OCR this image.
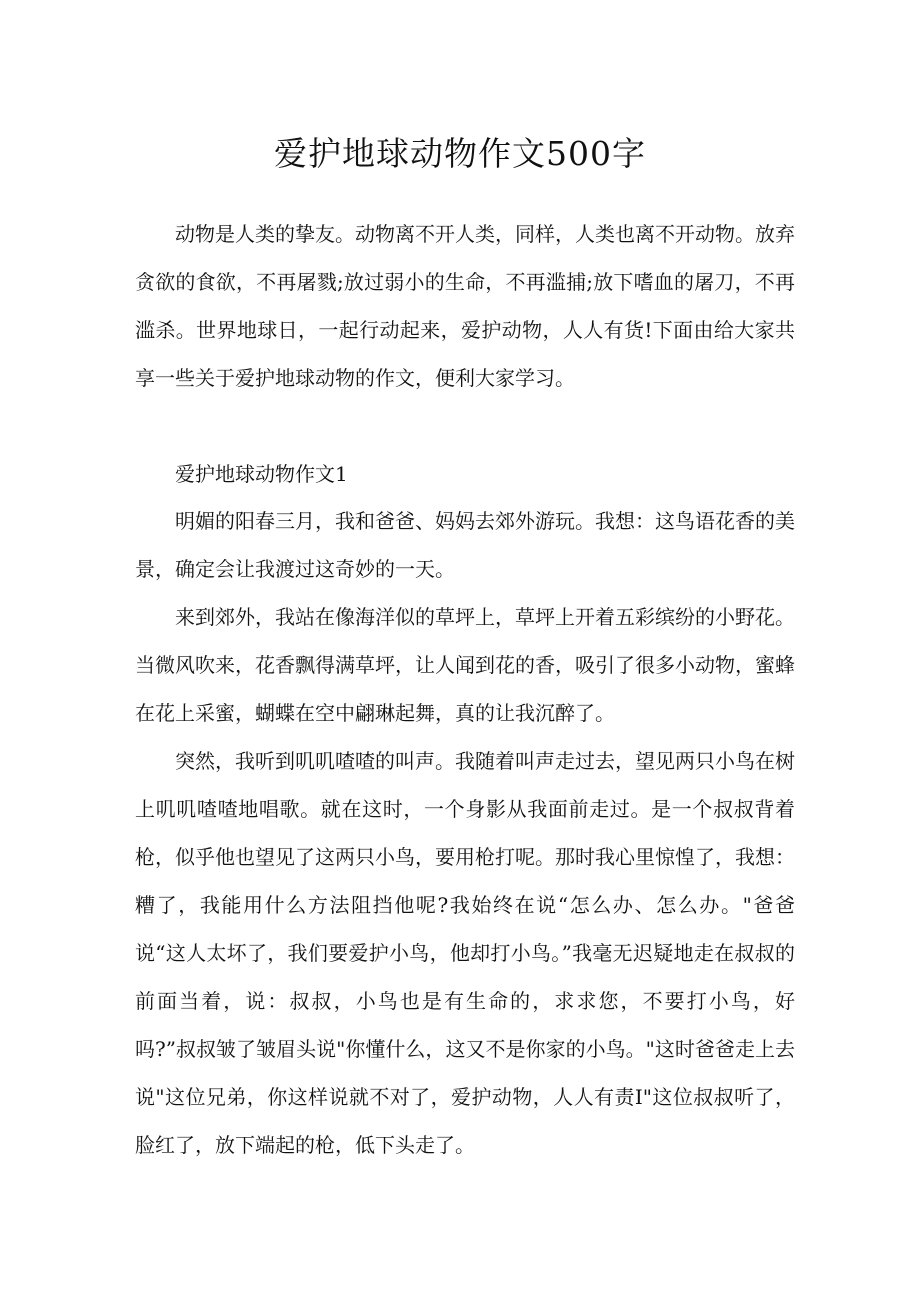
爱护地球动物作文500字

动物是人类的挚友。动物离不开人类，同样，人类也离不开动物。放弃贪欲的食欲，不再屠戮;放过弱小的生命，不再滥捕;放下嗜血的屠刀，不再滥杀。世界地球日，一起行动起来，爱护动物，人人有货!下面由给大家共享一些关于爱护地球动物的作文，便利大家学习。

爱护地球动物作文1

明媚的阳春三月，我和爸爸、妈妈去郊外游玩。我想：这鸟语花香的美景，确定会让我渡过这奇妙的一天。

来到郊外，我站在像海洋似的草坪上，草坪上开着五彩缤纷的小野花。当微风吹来，花香飘得满草坪，让人闻到花的香，吸引了很多小动物，蜜蜂在花上采蜜，蝴蝶在空中翩琳起舞，真的让我沉醉了。

突然，我听到叽叽喳喳的叫声。我随着叫声走过去，望见两只小鸟在树上叽叽喳喳地唱歌。就在这时，一个身影从我面前走过。是一个叔叔背着枪，似乎他也望见了这两只小鸟，要用枪打呢。那时我心里惊惶了，我想：糟了，我能用什么方法阻挡他呢?我始终在说“怎么办、怎么办。"爸爸说“这人太坏了，我们要爱护小鸟，他却打小鸟。”我毫无迟疑地走在叔叔的前面当着，说：叔叔，小鸟也是有生命的，求求您，不要打小鸟，好吗?”叔叔皱了皱眉头说"你懂什么，这又不是你家的小鸟。"这时爸爸走上去说"这位兄弟，你这样说就不对了，爱护动物，人人有责I"这位叔叔听了，脸红了，放下端起的枪，低下头走了。
